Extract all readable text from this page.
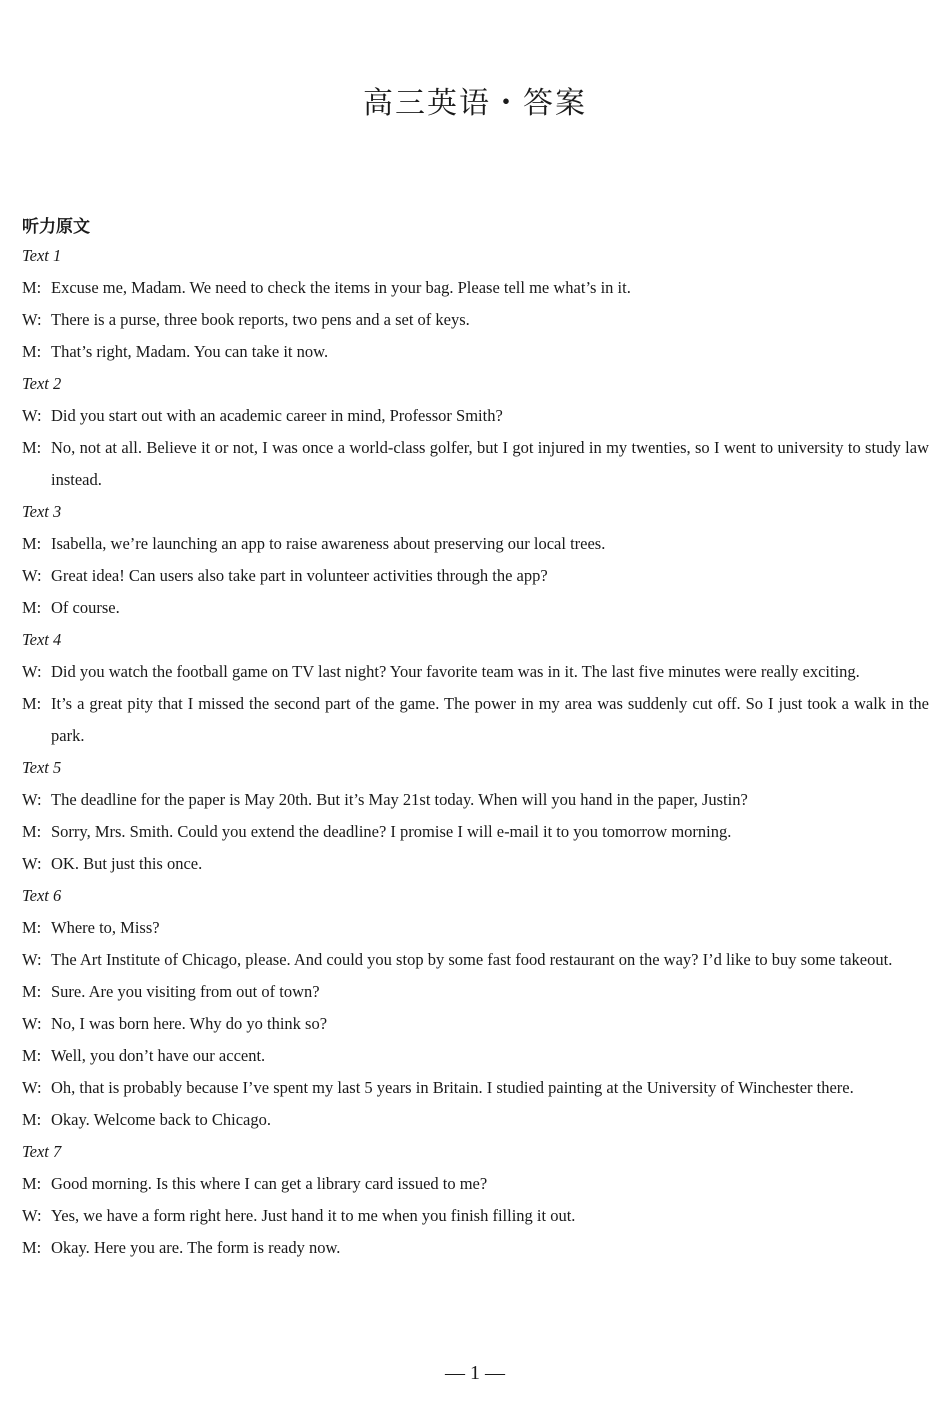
高三英语・答案
听力原文
Text 1
M: Excuse me, Madam. We need to check the items in your bag. Please tell me what’s in it.
W: There is a purse, three book reports, two pens and a set of keys.
M: That’s right, Madam. You can take it now.
Text 2
W: Did you start out with an academic career in mind, Professor Smith?
M: No, not at all. Believe it or not, I was once a world-class golfer, but I got injured in my twenties, so I went to university to study law instead.
Text 3
M: Isabella, we’re launching an app to raise awareness about preserving our local trees.
W: Great idea! Can users also take part in volunteer activities through the app?
M: Of course.
Text 4
W: Did you watch the football game on TV last night? Your favorite team was in it. The last five minutes were really exciting.
M: It’s a great pity that I missed the second part of the game. The power in my area was suddenly cut off. So I just took a walk in the park.
Text 5
W: The deadline for the paper is May 20th. But it’s May 21st today. When will you hand in the paper, Justin?
M: Sorry, Mrs. Smith. Could you extend the deadline? I promise I will e-mail it to you tomorrow morning.
W: OK. But just this once.
Text 6
M: Where to, Miss?
W: The Art Institute of Chicago, please. And could you stop by some fast food restaurant on the way? I’d like to buy some takeout.
M: Sure. Are you visiting from out of town?
W: No, I was born here. Why do yo think so?
M: Well, you don’t have our accent.
W: Oh, that is probably because I’ve spent my last 5 years in Britain. I studied painting at the University of Winchester there.
M: Okay. Welcome back to Chicago.
Text 7
M: Good morning. Is this where I can get a library card issued to me?
W: Yes, we have a form right here. Just hand it to me when you finish filling it out.
M: Okay. Here you are. The form is ready now.
— 1 —
